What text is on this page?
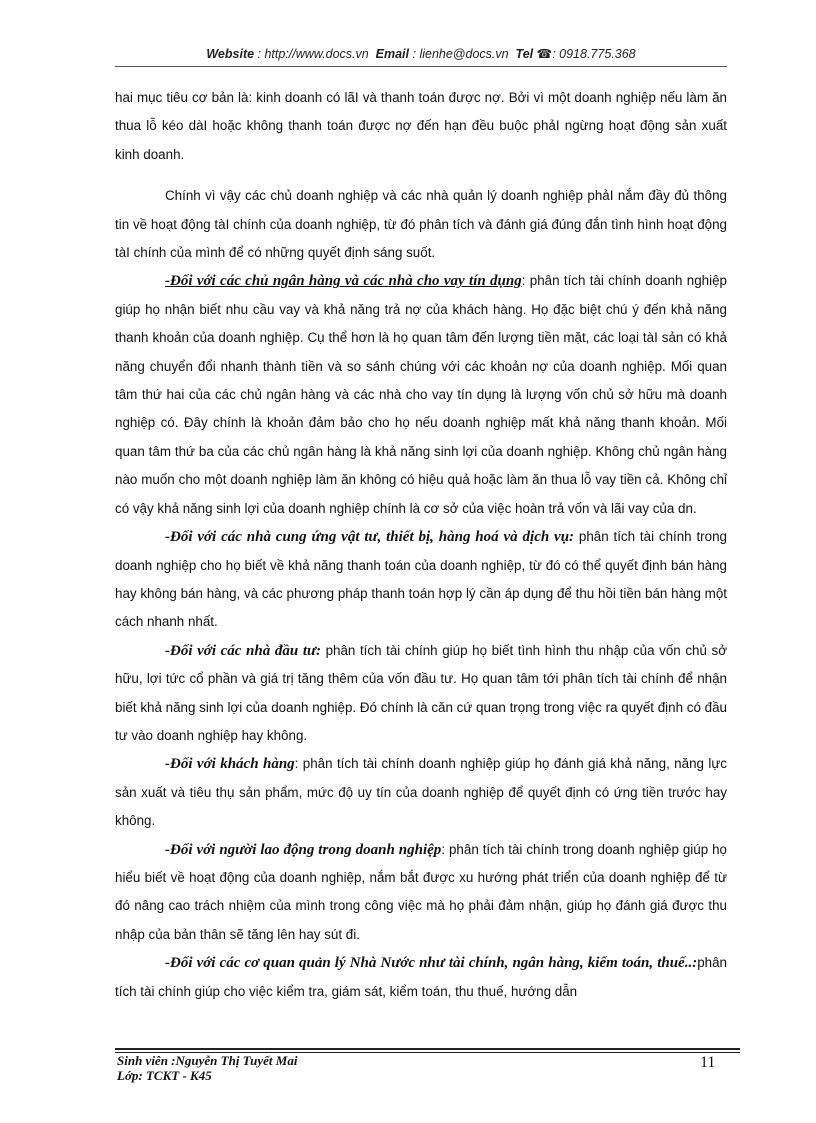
Website : http://www.docs.vn Email : lienhe@docs.vn Tel ☎: 0918.775.368

hai mục tiêu cơ bản là: kinh doanh có lãI và thanh toán được nợ. Bởi vì một doanh nghiệp nếu làm ăn thua lỗ kéo dàI hoặc không thanh toán được nợ đến hạn đều buộc phảI ngừng hoạt động sản xuất kinh doanh.

Chính vì vậy các chủ doanh nghiệp và các nhà quản lý doanh nghiệp phảI nắm đầy đủ thông tin về hoạt động tàI chính của doanh nghiệp, từ đó phân tích và đánh giá đúng đắn tình hình hoạt động tàI chính của mình để có những quyết định sáng suốt.

-Đối với các chủ ngân hàng và các nhà cho vay tín dụng: phân tích tài chính doanh nghiệp giúp họ nhận biết nhu cầu vay và khả năng trả nợ của khách hàng. Họ đặc biệt chú ý đến khả năng thanh khoản của doanh nghiệp. Cụ thể hơn là họ quan tâm đến lượng tiền mặt, các loại tàI sản có khả năng chuyển đổi nhanh thành tiền và so sánh chúng với các khoản nợ của doanh nghiệp. Mối quan tâm thứ hai của các chủ ngân hàng và các nhà cho vay tín dụng là lượng vốn chủ sở hữu mà doanh nghiệp có. Đây chính là khoản đảm bảo cho họ nếu doanh nghiệp mất khả năng thanh khoản. Mối quan tâm thứ ba của các chủ ngân hàng là khả năng sinh lợi của doanh nghiệp. Không chủ ngân hàng nào muốn cho một doanh nghiệp làm ăn không có hiệu quả hoặc làm ăn thua lỗ vay tiền cả. Không chỉ có vậy khả năng sinh lợi của doanh nghiệp chính là cơ sở của việc hoàn trả vốn và lãi vay của dn.

-Đối với các nhà cung ứng vật tư, thiết bị, hàng hoá và dịch vụ: phân tích tài chính trong doanh nghiệp cho họ biết về khả năng thanh toán của doanh nghiệp, từ đó có thể quyết định bán hàng hay không bán hàng, và các phương pháp thanh toán hợp lý cần áp dụng để thu hồi tiền bán hàng một cách nhanh nhất.

-Đối với các nhà đầu tư: phân tích tài chính giúp họ biết tình hình thu nhập của vốn chủ sở hữu, lợi tức cổ phần và giá trị tăng thêm của vốn đầu tư. Họ quan tâm tới phân tích tài chính để nhận biết khả năng sinh lợi của doanh nghiệp. Đó chính là căn cứ quan trọng trong việc ra quyết định có đầu tư vào doanh nghiệp hay không.

-Đối với khách hàng: phân tích tài chính doanh nghiệp giúp họ đánh giá khả năng, năng lực sản xuất và tiêu thụ sản phẩm, mức độ uy tín của doanh nghiệp để quyết định có ứng tiền trước hay không.

-Đối với người lao động trong doanh nghiệp: phân tích tài chính trong doanh nghiệp giúp họ hiểu biết về hoạt động của doanh nghiệp, nắm bắt được xu hướng phát triển của doanh nghiệp để từ đó nâng cao trách nhiệm của mình trong công việc mà họ phải đảm nhận, giúp họ đánh giá được thu nhập của bản thân sẽ tăng lên hay sút đi.

-Đối với các cơ quan quản lý Nhà Nước như tài chính, ngân hàng, kiểm toán, thuế..:phân tích tài chính giúp cho việc kiểm tra, giám sát, kiểm toán, thu thuế, hướng dẫn

Sinh viên :Nguyễn Thị Tuyết Mai
Lớp: TCKT - K45
11
